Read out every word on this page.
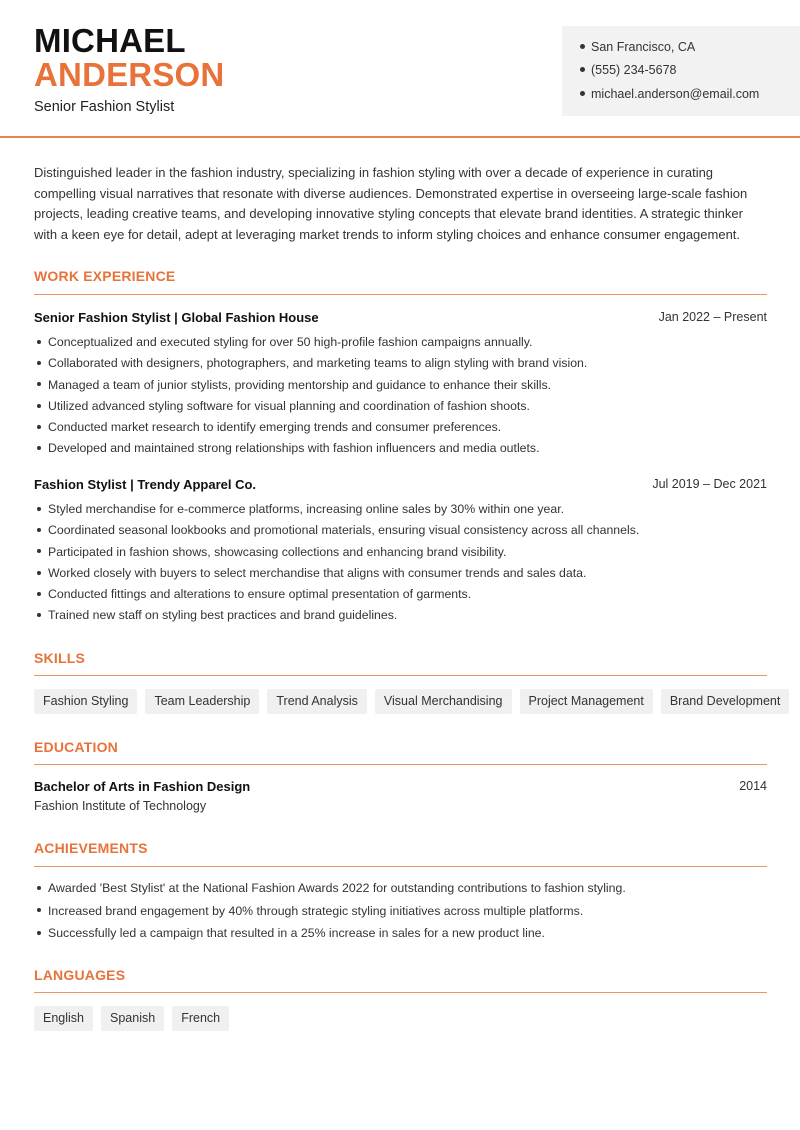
MICHAEL
ANDERSON
Senior Fashion Stylist
San Francisco, CA
(555) 234-5678
michael.anderson@email.com

Distinguished leader in the fashion industry, specializing in fashion styling with over a decade of experience in curating compelling visual narratives that resonate with diverse audiences. Demonstrated expertise in overseeing large-scale fashion projects, leading creative teams, and developing innovative styling concepts that elevate brand identities. A strategic thinker with a keen eye for detail, adept at leveraging market trends to inform styling choices and enhance consumer engagement.

WORK EXPERIENCE
Senior Fashion Stylist | Global Fashion House	Jan 2022 – Present
Conceptualized and executed styling for over 50 high-profile fashion campaigns annually.
Collaborated with designers, photographers, and marketing teams to align styling with brand vision.
Managed a team of junior stylists, providing mentorship and guidance to enhance their skills.
Utilized advanced styling software for visual planning and coordination of fashion shoots.
Conducted market research to identify emerging trends and consumer preferences.
Developed and maintained strong relationships with fashion influencers and media outlets.
Fashion Stylist | Trendy Apparel Co.	Jul 2019 – Dec 2021
Styled merchandise for e-commerce platforms, increasing online sales by 30% within one year.
Coordinated seasonal lookbooks and promotional materials, ensuring visual consistency across all channels.
Participated in fashion shows, showcasing collections and enhancing brand visibility.
Worked closely with buyers to select merchandise that aligns with consumer trends and sales data.
Conducted fittings and alterations to ensure optimal presentation of garments.
Trained new staff on styling best practices and brand guidelines.
SKILLS
Fashion Styling	Team Leadership	Trend Analysis	Visual Merchandising	Project Management	Brand Development
EDUCATION
Bachelor of Arts in Fashion Design	2014
Fashion Institute of Technology
ACHIEVEMENTS
Awarded 'Best Stylist' at the National Fashion Awards 2022 for outstanding contributions to fashion styling.
Increased brand engagement by 40% through strategic styling initiatives across multiple platforms.
Successfully led a campaign that resulted in a 25% increase in sales for a new product line.
LANGUAGES
English	Spanish	French
